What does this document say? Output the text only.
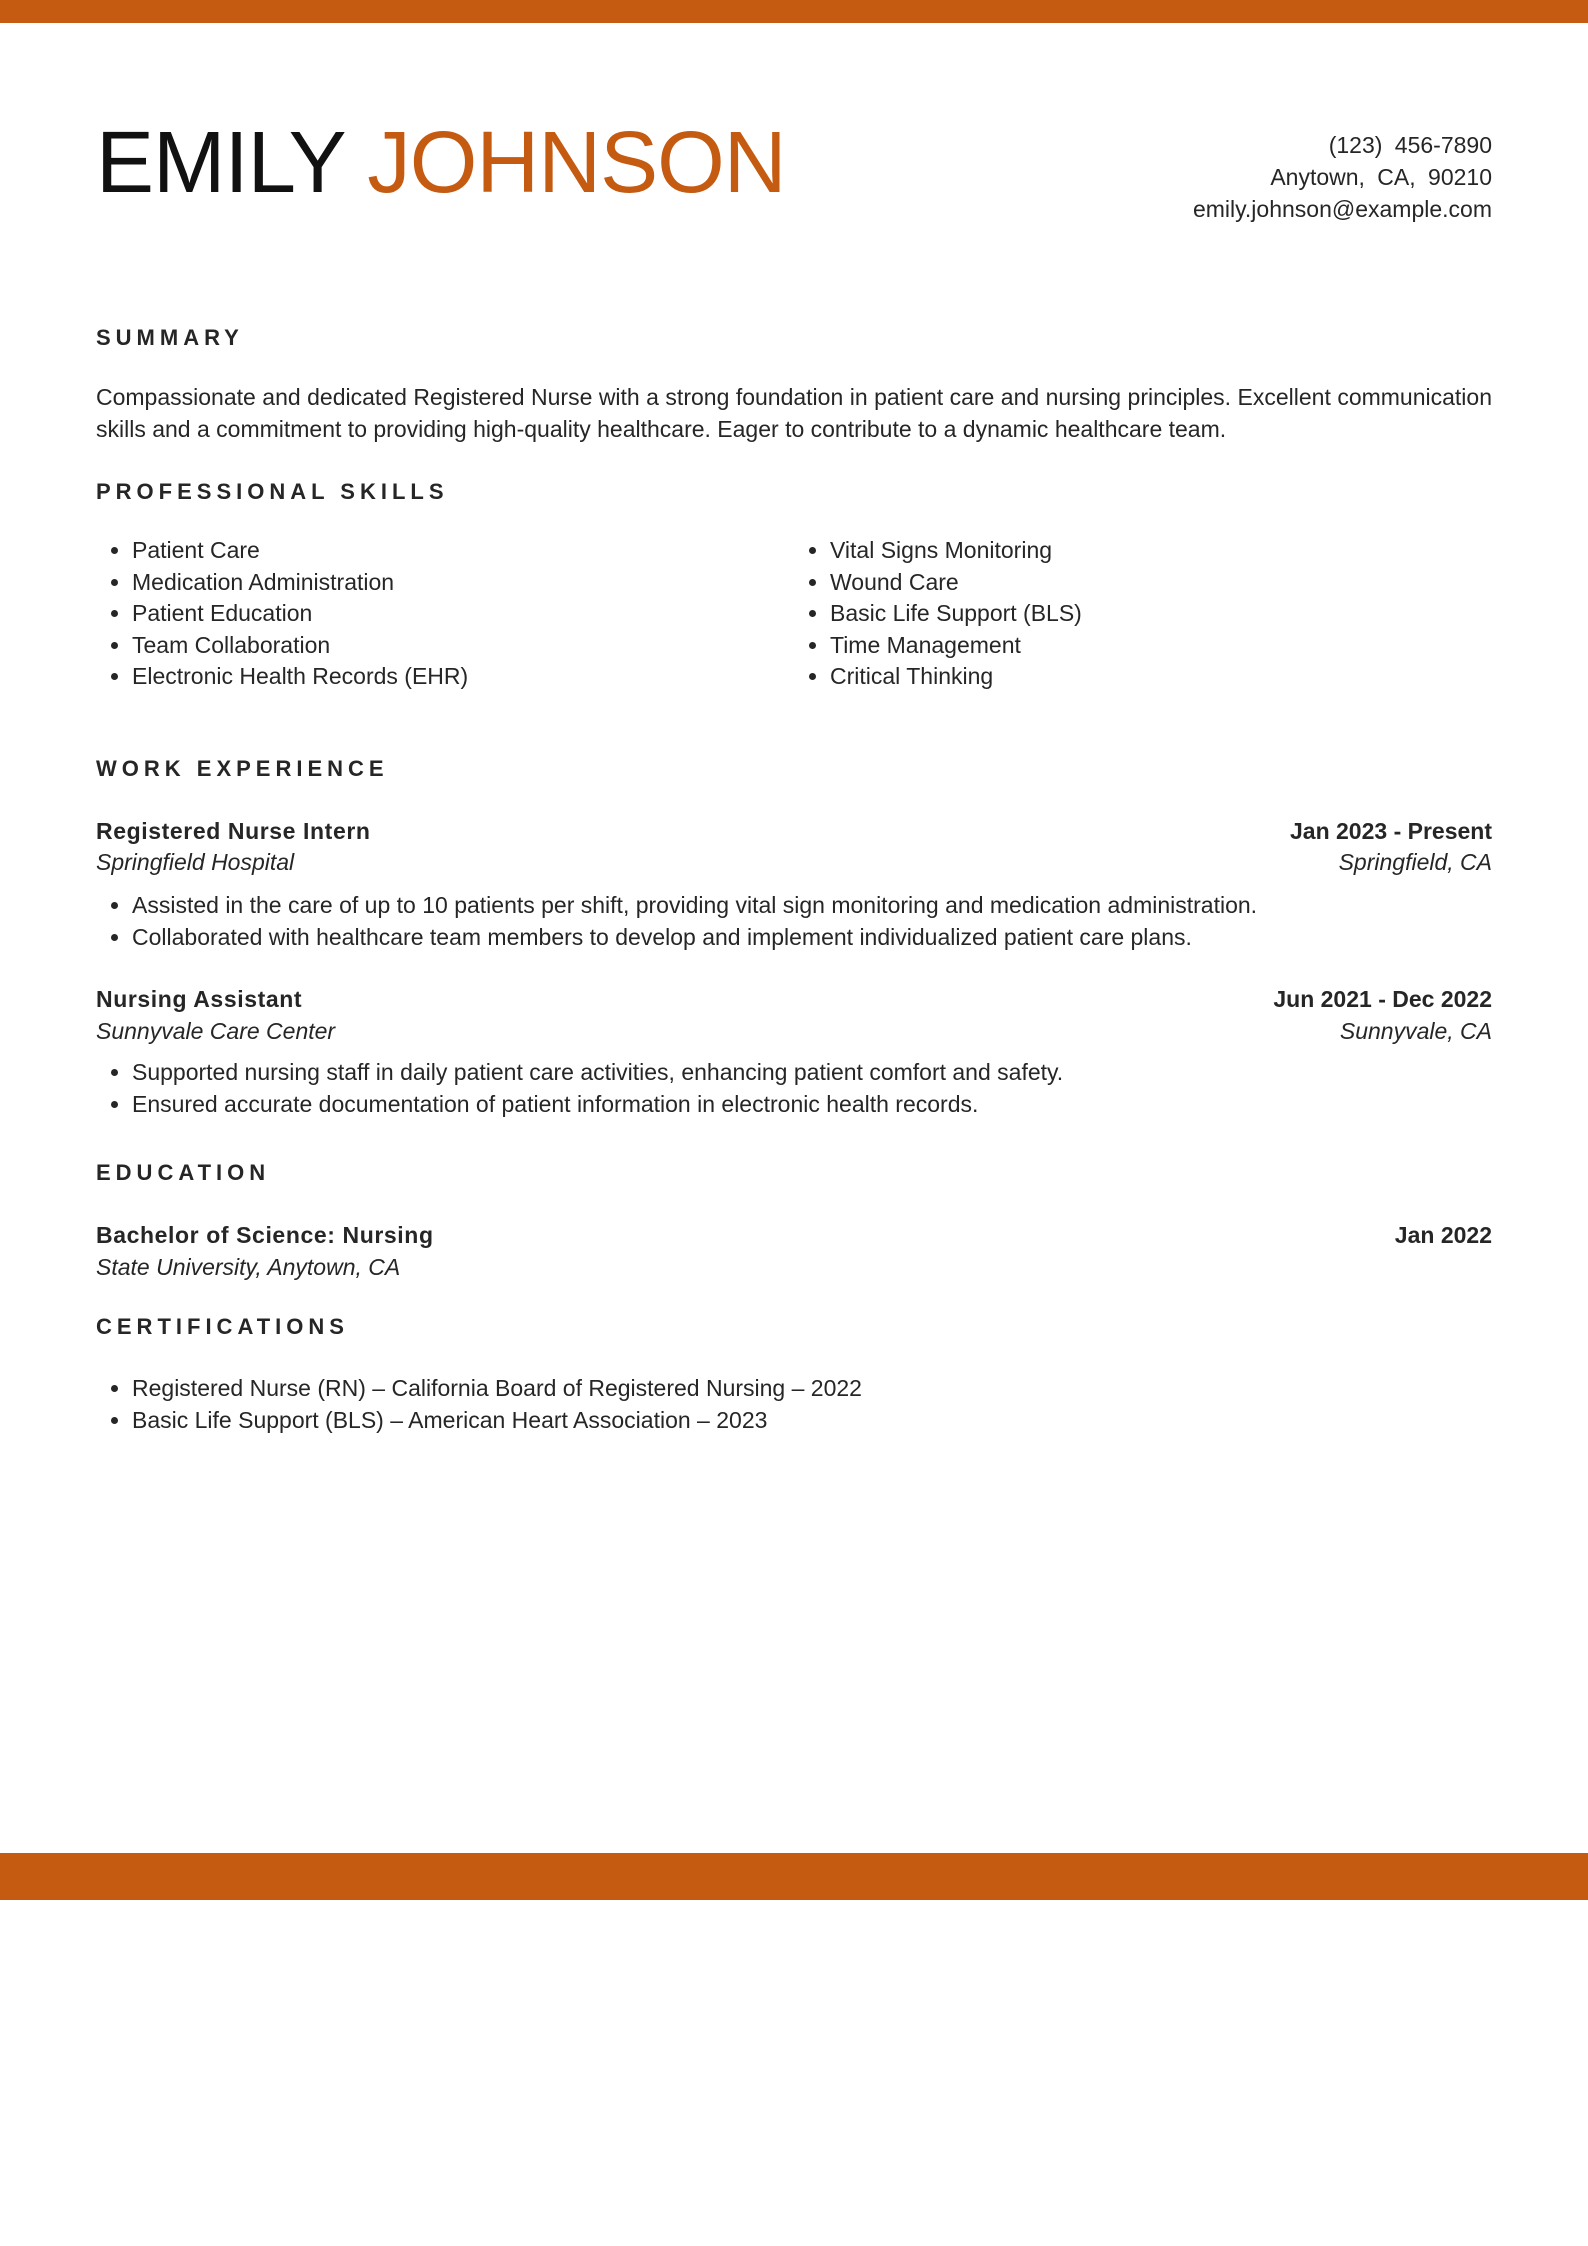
EMILY JOHNSON	(123) 456-7890
Anytown, CA, 90210
emily.johnson@example.com
SUMMARY
Compassionate and dedicated Registered Nurse with a strong foundation in patient care and nursing principles. Excellent communication skills and a commitment to providing high-quality healthcare. Eager to contribute to a dynamic healthcare team.
PROFESSIONAL SKILLS
• Patient Care
• Medication Administration
• Patient Education
• Team Collaboration
• Electronic Health Records (EHR)
• Vital Signs Monitoring
• Wound Care
• Basic Life Support (BLS)
• Time Management
• Critical Thinking
WORK EXPERIENCE
Registered Nurse Intern	Jan 2023 - Present
Springfield Hospital	Springfield, CA
• Assisted in the care of up to 10 patients per shift, providing vital sign monitoring and medication administration.
• Collaborated with healthcare team members to develop and implement individualized patient care plans.
Nursing Assistant	Jun 2021 - Dec 2022
Sunnyvale Care Center	Sunnyvale, CA
• Supported nursing staff in daily patient care activities, enhancing patient comfort and safety.
• Ensured accurate documentation of patient information in electronic health records.
EDUCATION
Bachelor of Science: Nursing	Jan 2022
State University, Anytown, CA
CERTIFICATIONS
• Registered Nurse (RN) – California Board of Registered Nursing – 2022
• Basic Life Support (BLS) – American Heart Association – 2023
